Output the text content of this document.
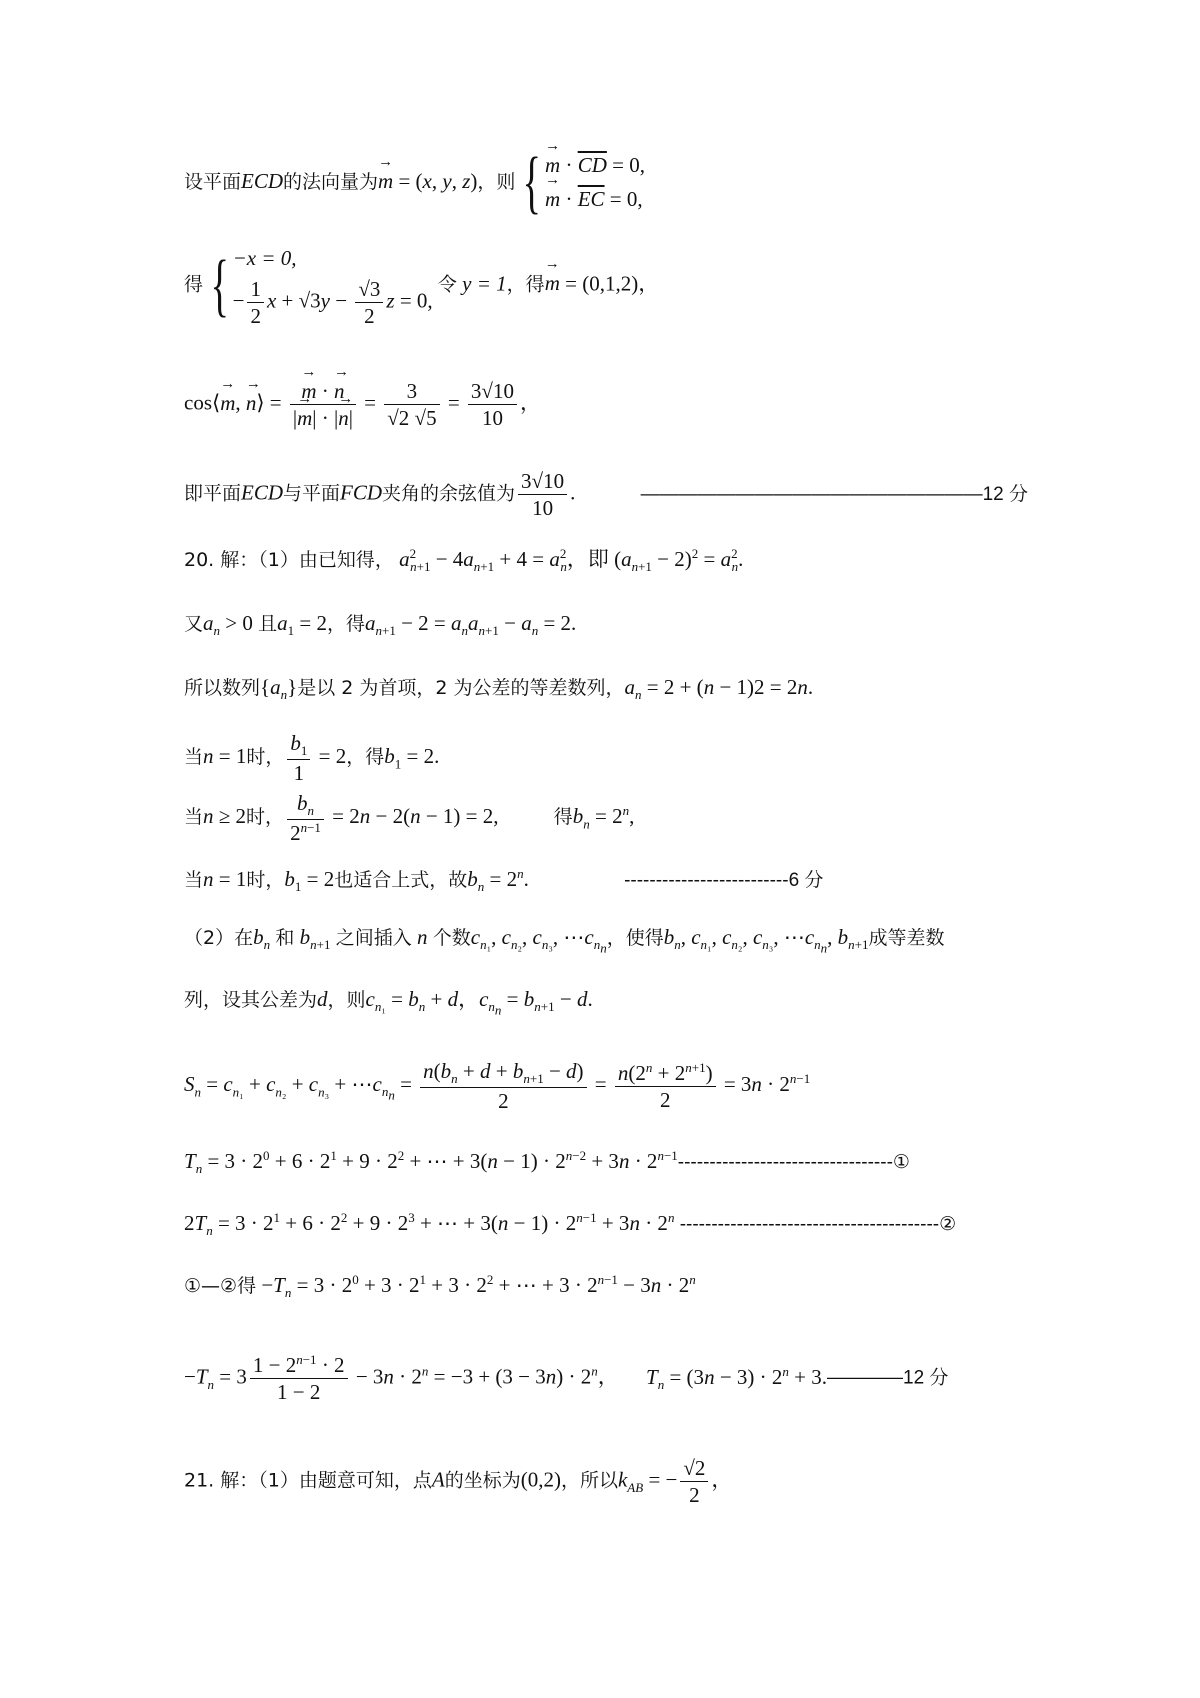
设平面ECD的法向量为→ m = (x, y, z)，则 { → $m \cdot \overline{CD} = 0$,
→ $m \cdot \overline{EC} = 0$,
得 { −x = 0,
− $\frac{1}{2}$ $x + √3y - \frac{√3}{2}$ z = 0,
令 y = 1，得→ m = (0,1,2)，
cos⟨→ m, → n⟩ = → $\frac{m \cdot \to n}{|\to m| \cdot |\to n|} = \frac{3}{√2 √5} = \frac{3√10}{10}$ ，
即平面ECD与平面FCD夹角的余弦值为 $\frac{3√10}{10}$ .	——————————————————12 分
20. 解：（1）由已知得， $a^2_{n+1} - 4a_{n+1} + 4 = a^2_n$，即 $(a_{n+1} - 2)^2 = a^2_n$.
又$a_n > 0$ 且$a_1 = 2$，得$a_{n+1} - 2 = a_na_{n+1} - a_n = 2$.
所以数列$\{a_n\}$是以 2 为首项，2 为公差的等差数列，$a_n = 2 + (n - 1)2 = 2n$.
当n = 1时， $\frac{b_1}{1} = 2$，得$b_1 = 2$.
当n ≥ 2时， $\frac{b_n}{2^{n-1}} = 2n - 2(n - 1) = 2$,	得$b_n = 2^n$,
当n = 1时，$b_1 = 2$也适合上式，故$b_n = 2^n$.	--------------------------6 分
（2）在$b_n$ 和 $b_{n+1}$ 之间插入 n 个数$c_{n_1}$, $c_{n_2}$, $c_{n_3}$, $\cdots c_{n_n}$，使得$b_n$, $c_{n_1}$, $c_{n_2}$, $c_{n_3}$, $\cdots c_{n_n}$, $b_{n+1}$成等差数
列，设其公差为d，则$c_{n_1} = b_n + d$，$c_{n_n} = b_{n+1} - d$.
$S_n = c_{n_1} + c_{n_2} + c_{n_3}$ + $\cdots c_{n_n} = \frac{n(b_n + d + b_{n+1} - d)}{2} = \frac{n(2^n + 2^{n+1})}{2} = 3n \cdot 2^{n-1}$
$T_n = 3 \cdot 2^0 + 6 \cdot 2^1 + 9 \cdot 2^2$ + ⋯ + $3(n - 1) \cdot 2^{n-2} + 3n$ · $2^{n-1}----------------------------------①$
$2T_n = 3 \cdot 2^1 + 6 \cdot 2^2 + 9 \cdot 2^3$ + ⋯ + $3(n - 1) \cdot 2^{n-1} + 3n \cdot 2^n$ -----------------------------------------②
①—②得 $-T_n = 3 \cdot 2^0 + 3 \cdot 2^1 + 3 \cdot 2^2$ + ⋯ + $3 \cdot 2^{n-1} - 3n \cdot 2^n$
$-T_n = 3 \frac{1 - 2^{n-1} \cdot 2}{1 - 2} - 3n \cdot 2^n = -3 + (3 - 3n) \cdot 2^n$， $T_n = (3n - 3) \cdot 2^n$ + 3.————12 分
21. 解：（1）由题意可知，点A的坐标为(0,2)，所以$k_{AB}$ = − $\frac{√2}{2}$ ，
